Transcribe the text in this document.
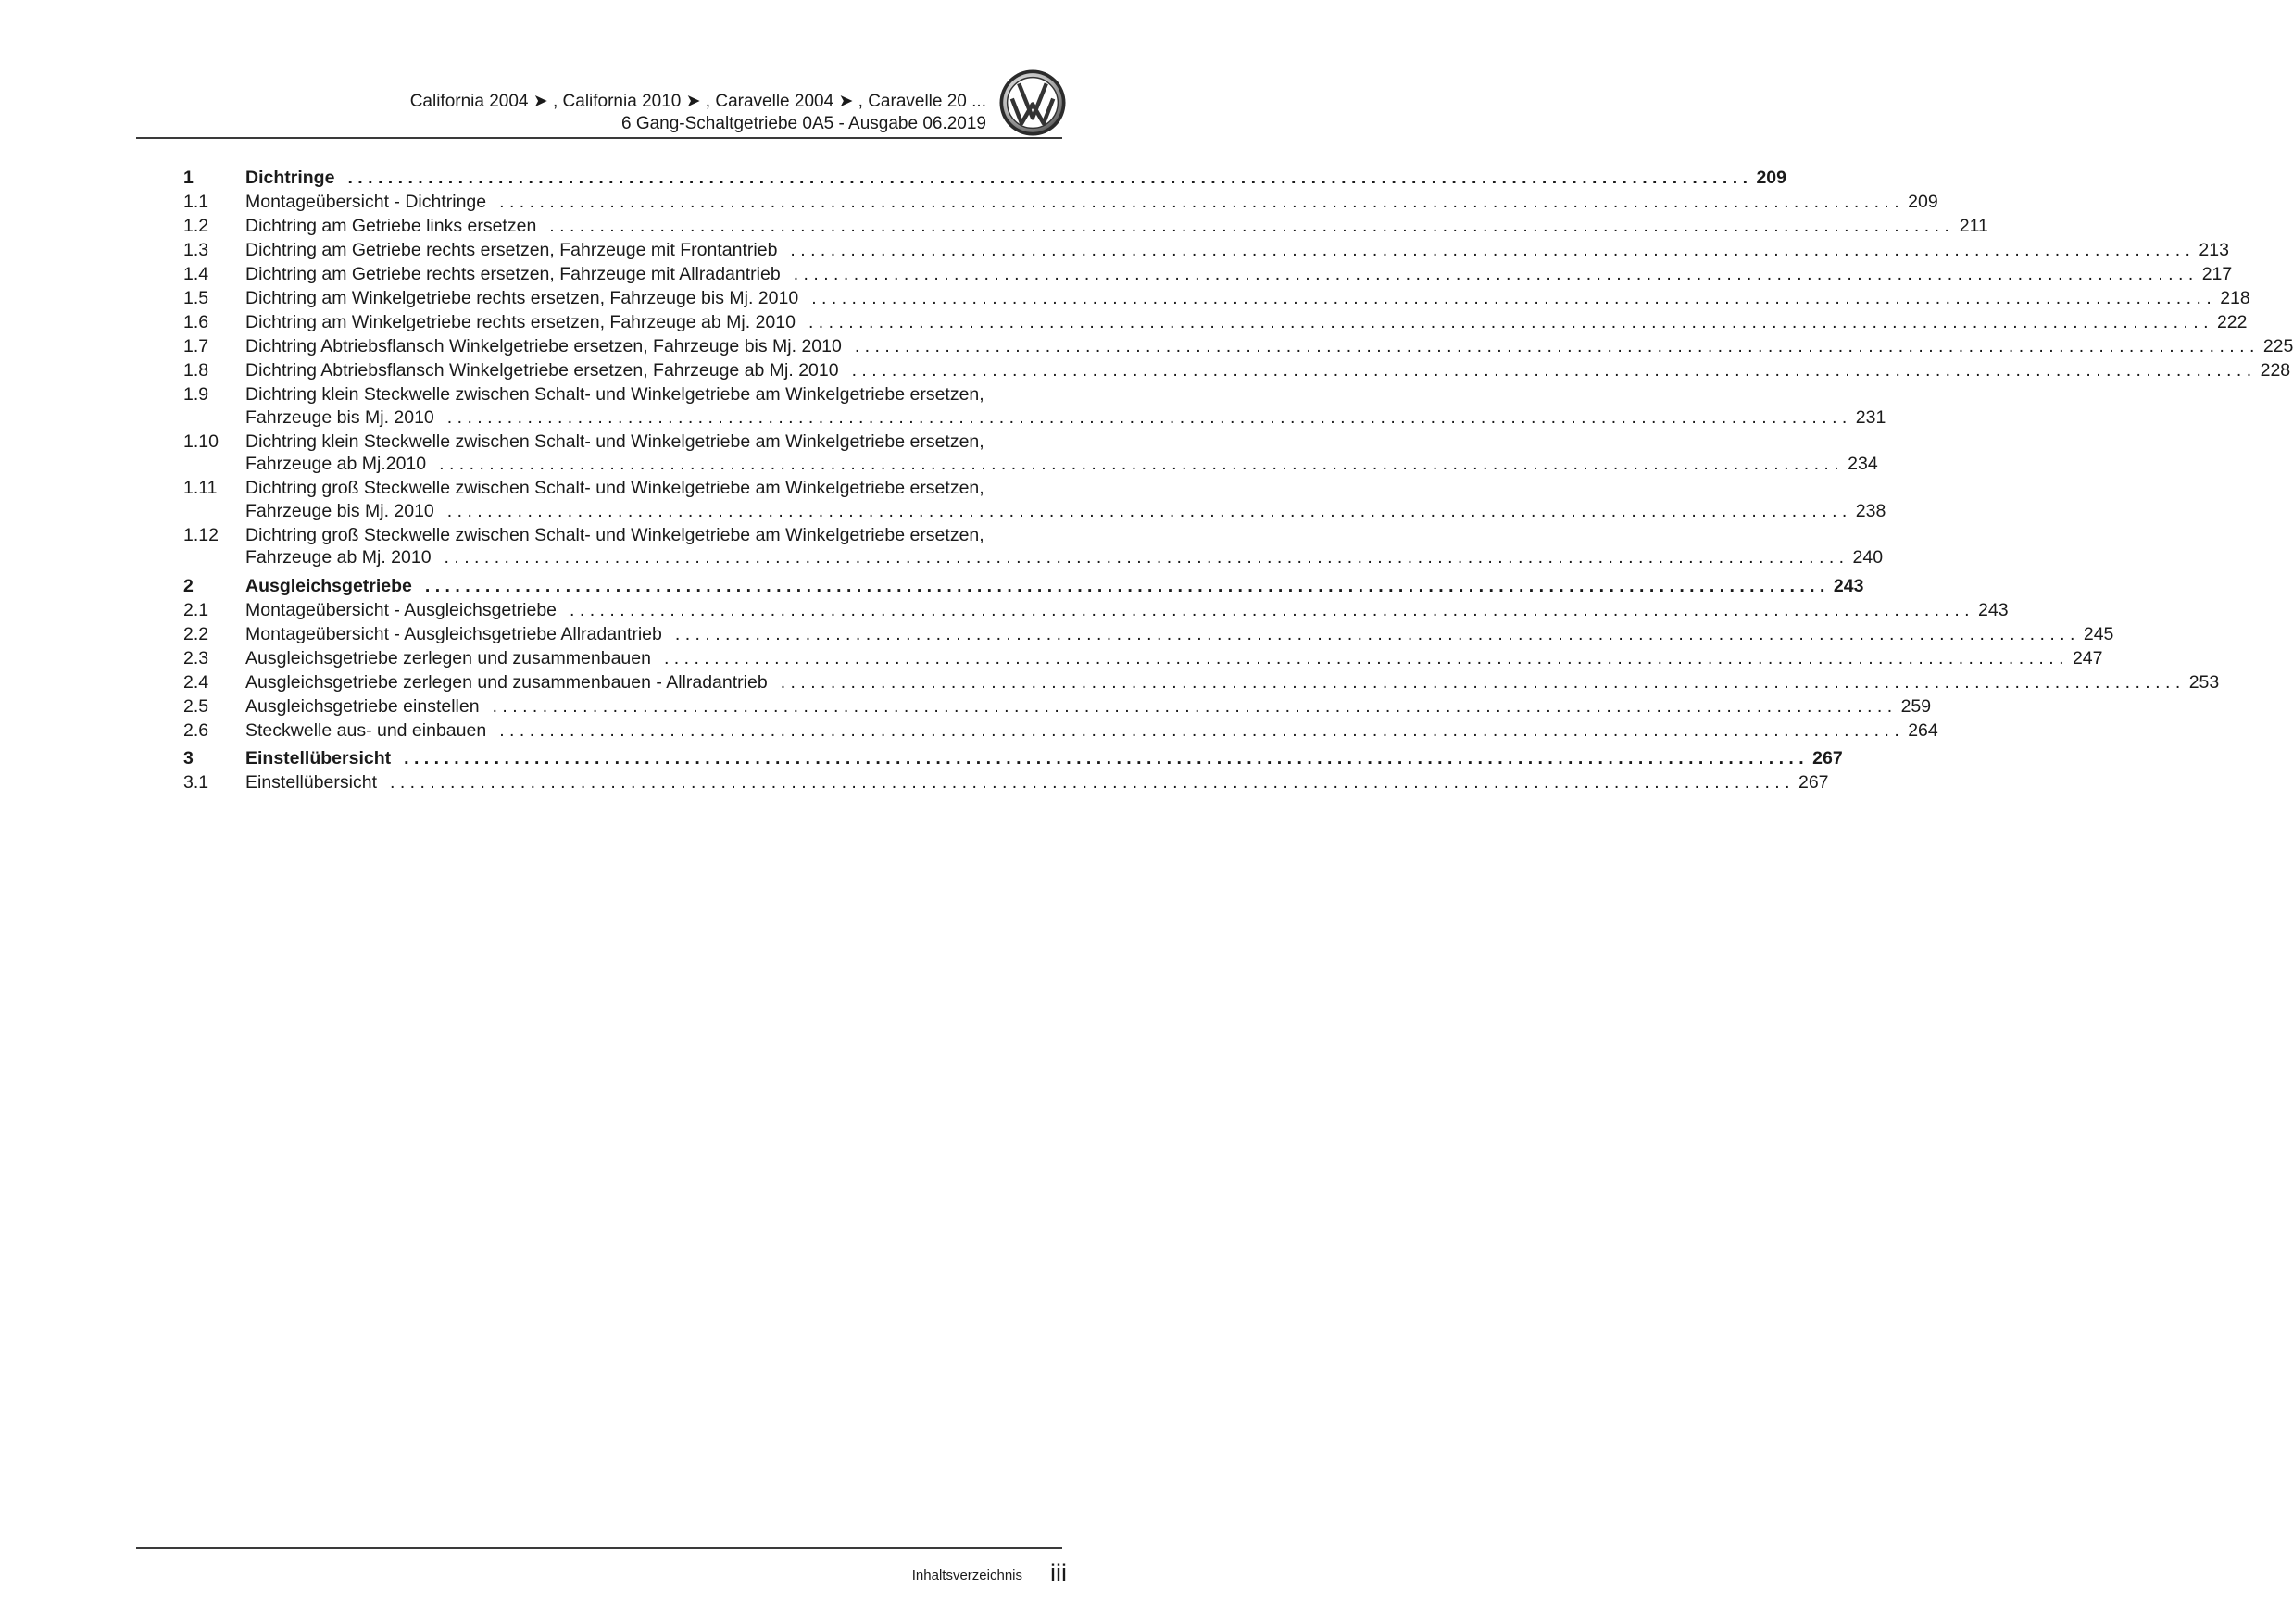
California 2004 ➤ , California 2010 ➤ , Caravelle 2004 ➤ , Caravelle 20 ...
6 Gang-Schaltgetriebe 0A5 - Ausgabe 06.2019
1	Dichtringe . . . . . . . . . . . . . . . . . . . . . . . . . . . . . . . . . . . . . . . . . . . . . . . . . . . . . . . . . . . . . . . . . . . . . . . . . . . . . . . . . . . . . . . . . . . . . . . . . . . . . . . . . . . . . . . . . . . . . . . . . . . . . . . . . . . . . . . . . . . . 209
1.1 Montageübersicht - Dichtringe . . . . . . . . . . . . . . . . . . . . . . . . . . . . . . . . . . . . . . . . . . . . . . . . . . . . . . . . . . . . . . . . . . . . . . . . . . . . . . . . . . . . . . . . . . . . . . . . . . . . . . . . . . . . . . . . . . . . . . . . . . . . . . . . . . . . . . . . . . . . 209
1.2 Dichtring am Getriebe links ersetzen . . . . . . . . . . . . . . . . . . . . . . . . . . . . . . . . . . . . . . . . . . . . . . . . . . . . . . . . . . . . . . . . . . . . . . . . . . . . . . . . . . . . . . . . . . . . . . . . . . . . . . . . . . . . . . . . . . . . . . . . . . . . . . . . . . . . . . . . . . . . 211
1.3 Dichtring am Getriebe rechts ersetzen, Fahrzeuge mit Frontantrieb . . . . . . . . . . . . . . . . . . . . . . . . . . . . . . . . . . . . . . . . . . . . . . . . . . . . . . . . . . . . . . . . . . . . . . . . . . . . . . . . . . . . . . . . . . . . . . . . . . . . . . . . . . . . . . . . . . . . . . . . . . . . . . . . . . . . . . . . . . . . 213
1.4 Dichtring am Getriebe rechts ersetzen, Fahrzeuge mit Allradantrieb . . . . . . . . . . . . . . . . . . . . . . . . . . . . . . . . . . . . . . . . . . . . . . . . . . . . . . . . . . . . . . . . . . . . . . . . . . . . . . . . . . . . . . . . . . . . . . . . . . . . . . . . . . . . . . . . . . . . . . . . . . . . . . . . . . . . . . . . . . . . 217
1.5 Dichtring am Winkelgetriebe rechts ersetzen, Fahrzeuge bis Mj. 2010 . . . . . . . . . . . . . . . . . . . . . . . . . . . . . . . . . . . . . . . . . . . . . . . . . . . . . . . . . . . . . . . . . . . . . . . . . . . . . . . . . . . . . . . . . . . . . . . . . . . . . . . . . . . . . . . . . . . . . . . . . . . . . . . . . . . . . . . . . . . . 218
1.6 Dichtring am Winkelgetriebe rechts ersetzen, Fahrzeuge ab Mj. 2010 . . . . . . . . . . . . . . . . . . . . . . . . . . . . . . . . . . . . . . . . . . . . . . . . . . . . . . . . . . . . . . . . . . . . . . . . . . . . . . . . . . . . . . . . . . . . . . . . . . . . . . . . . . . . . . . . . . . . . . . . . . . . . . . . . . . . . . . . . . . . 222
1.7 Dichtring Abtriebsflansch Winkelgetriebe ersetzen, Fahrzeuge bis Mj. 2010 . . . . . . . . . . . . . . . . . . . . . . . . . . . . . . . . . . . . . . . . . . . . . . . . . . . . . . . . . . . . . . . . . . . . . . . . . . . . . . . . . . . . . . . . . . . . . . . . . . . . . . . . . . . . . . . . . . . . . . . . . . . . . . . . . . . . . . . . . . . . 225
1.8 Dichtring Abtriebsflansch Winkelgetriebe ersetzen, Fahrzeuge ab Mj. 2010 . . . . . . . . . . . . . . . . . . . . . . . . . . . . . . . . . . . . . . . . . . . . . . . . . . . . . . . . . . . . . . . . . . . . . . . . . . . . . . . . . . . . . . . . . . . . . . . . . . . . . . . . . . . . . . . . . . . . . . . . . . . . . . . . . . . . . . . . . . . . 228
1.9 Dichtring klein Steckwelle zwischen Schalt- und Winkelgetriebe am Winkelgetriebe ersetzen,
Fahrzeuge bis Mj. 2010 . . . . . . . . . . . . . . . . . . . . . . . . . . . . . . . . . . . . . . . . . . . . . . . . . . . . . . . . . . . . . . . . . . . . . . . . . . . . . . . . . . . . . . . . . . . . . . . . . . . . . . . . . . . . . . . . . . . . . . . . . . . . . . . . . . . . . . . . . . . . 231
1.10 Dichtring klein Steckwelle zwischen Schalt- und Winkelgetriebe am Winkelgetriebe ersetzen,
Fahrzeuge ab Mj.2010 . . . . . . . . . . . . . . . . . . . . . . . . . . . . . . . . . . . . . . . . . . . . . . . . . . . . . . . . . . . . . . . . . . . . . . . . . . . . . . . . . . . . . . . . . . . . . . . . . . . . . . . . . . . . . . . . . . . . . . . . . . . . . . . . . . . . . . . . . . . . 234
1.11 Dichtring groß Steckwelle zwischen Schalt- und Winkelgetriebe am Winkelgetriebe ersetzen,
Fahrzeuge bis Mj. 2010 . . . . . . . . . . . . . . . . . . . . . . . . . . . . . . . . . . . . . . . . . . . . . . . . . . . . . . . . . . . . . . . . . . . . . . . . . . . . . . . . . . . . . . . . . . . . . . . . . . . . . . . . . . . . . . . . . . . . . . . . . . . . . . . . . . . . . . . . . . . . 238
1.12 Dichtring groß Steckwelle zwischen Schalt- und Winkelgetriebe am Winkelgetriebe ersetzen,
Fahrzeuge ab Mj. 2010 . . . . . . . . . . . . . . . . . . . . . . . . . . . . . . . . . . . . . . . . . . . . . . . . . . . . . . . . . . . . . . . . . . . . . . . . . . . . . . . . . . . . . . . . . . . . . . . . . . . . . . . . . . . . . . . . . . . . . . . . . . . . . . . . . . . . . . . . . . . . 240
2	Ausgleichsgetriebe . . . . . . . . . . . . . . . . . . . . . . . . . . . . . . . . . . . . . . . . . . . . . . . . . . . . . . . . . . . . . . . . . . . . . . . . . . . . . . . . . . . . . . . . . . . . . . . . . . . . . . . . . . . . . . . . . . . . . . . . . . . . . . . . . . . . . . . . . . . . 243
2.1 Montageübersicht - Ausgleichsgetriebe . . . . . . . . . . . . . . . . . . . . . . . . . . . . . . . . . . . . . . . . . . . . . . . . . . . . . . . . . . . . . . . . . . . . . . . . . . . . . . . . . . . . . . . . . . . . . . . . . . . . . . . . . . . . . . . . . . . . . . . . . . . . . . . . . . . . . . . . . . . . 243
2.2 Montageübersicht - Ausgleichsgetriebe Allradantrieb . . . . . . . . . . . . . . . . . . . . . . . . . . . . . . . . . . . . . . . . . . . . . . . . . . . . . . . . . . . . . . . . . . . . . . . . . . . . . . . . . . . . . . . . . . . . . . . . . . . . . . . . . . . . . . . . . . . . . . . . . . . . . . . . . . . . . . . . . . . . 245
2.3 Ausgleichsgetriebe zerlegen und zusammenbauen . . . . . . . . . . . . . . . . . . . . . . . . . . . . . . . . . . . . . . . . . . . . . . . . . . . . . . . . . . . . . . . . . . . . . . . . . . . . . . . . . . . . . . . . . . . . . . . . . . . . . . . . . . . . . . . . . . . . . . . . . . . . . . . . . . . . . . . . . . . . 247
2.4 Ausgleichsgetriebe zerlegen und zusammenbauen - Allradantrieb . . . . . . . . . . . . . . . . . . . . . . . . . . . . . . . . . . . . . . . . . . . . . . . . . . . . . . . . . . . . . . . . . . . . . . . . . . . . . . . . . . . . . . . . . . . . . . . . . . . . . . . . . . . . . . . . . . . . . . . . . . . . . . . . . . . . . . . . . . . . 253
2.5 Ausgleichsgetriebe einstellen . . . . . . . . . . . . . . . . . . . . . . . . . . . . . . . . . . . . . . . . . . . . . . . . . . . . . . . . . . . . . . . . . . . . . . . . . . . . . . . . . . . . . . . . . . . . . . . . . . . . . . . . . . . . . . . . . . . . . . . . . . . . . . . . . . . . . . . . . . . . 259
2.6 Steckwelle aus- und einbauen . . . . . . . . . . . . . . . . . . . . . . . . . . . . . . . . . . . . . . . . . . . . . . . . . . . . . . . . . . . . . . . . . . . . . . . . . . . . . . . . . . . . . . . . . . . . . . . . . . . . . . . . . . . . . . . . . . . . . . . . . . . . . . . . . . . . . . . . . . . . 264
3	Einstellübersicht . . . . . . . . . . . . . . . . . . . . . . . . . . . . . . . . . . . . . . . . . . . . . . . . . . . . . . . . . . . . . . . . . . . . . . . . . . . . . . . . . . . . . . . . . . . . . . . . . . . . . . . . . . . . . . . . . . . . . . . . . . . . . . . . . . . . . . . . . . . . 267
3.1 Einstellübersicht . . . . . . . . . . . . . . . . . . . . . . . . . . . . . . . . . . . . . . . . . . . . . . . . . . . . . . . . . . . . . . . . . . . . . . . . . . . . . . . . . . . . . . . . . . . . . . . . . . . . . . . . . . . . . . . . . . . . . . . . . . . . . . . . . . . . . . . . . . . . 267
Inhaltsverzeichnis iii
